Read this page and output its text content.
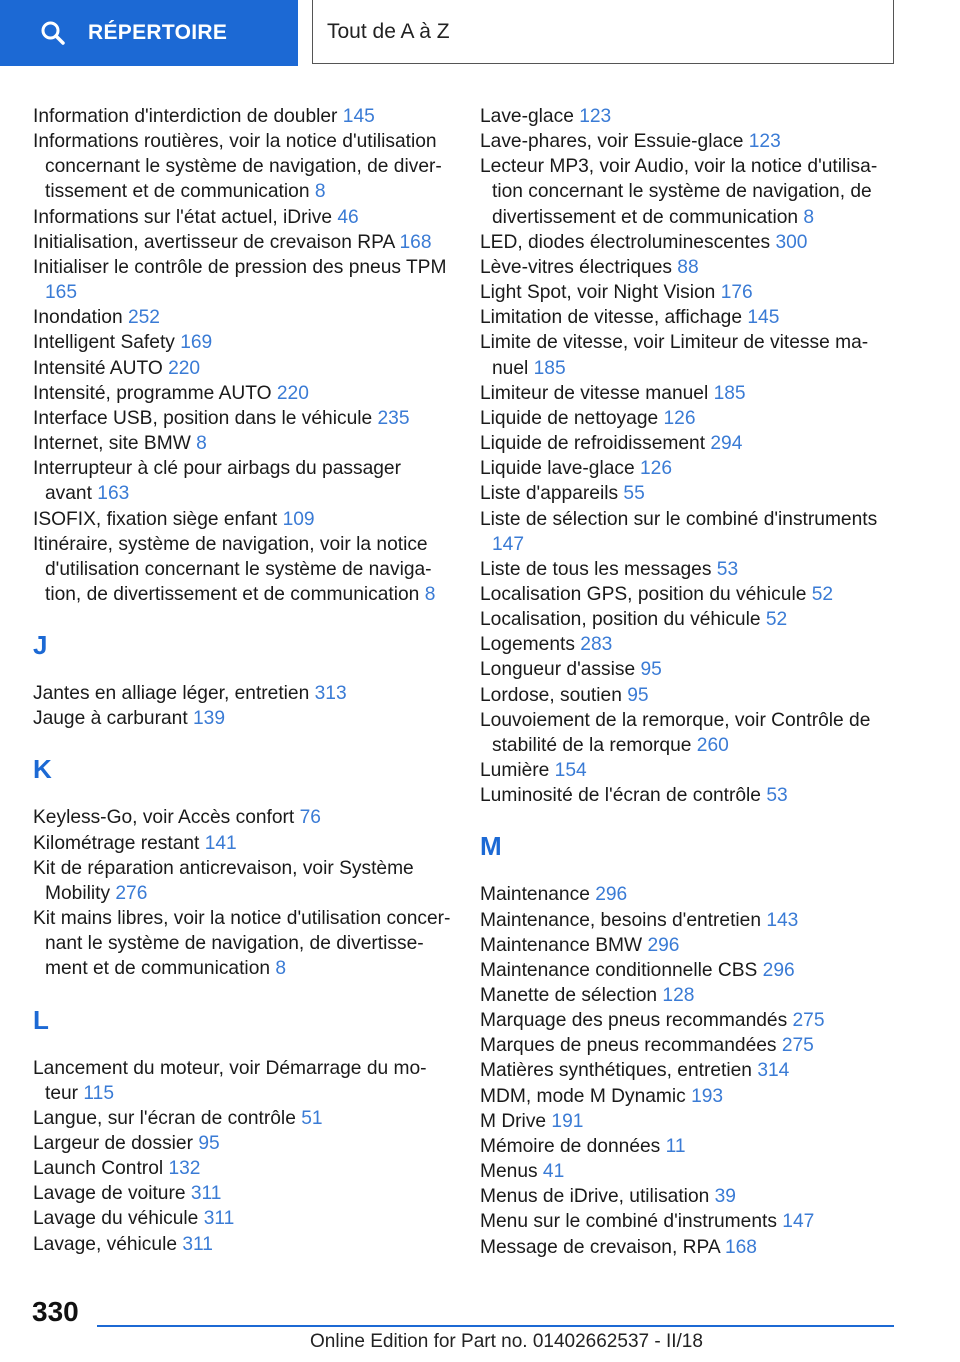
RÉPERTOIRE	Tout de A à Z

Information d'interdiction de doubler 145

Informations routières, voir la notice d'utilisation concernant le système de navigation, de divertissement et de communication 8

Informations sur l'état actuel, iDrive 46

Initialisation, avertisseur de crevaison RPA 168

Initialiser le contrôle de pression des pneus TPM 165

Inondation 252

Intelligent Safety 169

Intensité AUTO 220

Intensité, programme AUTO 220

Interface USB, position dans le véhicule 235

Internet, site BMW 8

Interrupteur à clé pour airbags du passager avant 163

ISOFIX, fixation siège enfant 109

Itinéraire, système de navigation, voir la notice d'utilisation concernant le système de navigation, de divertissement et de communication 8

J

Jantes en alliage léger, entretien 313

Jauge à carburant 139

K

Keyless-Go, voir Accès confort 76

Kilométrage restant 141

Kit de réparation anticrevaison, voir Système Mobility 276

Kit mains libres, voir la notice d'utilisation concernant le système de navigation, de divertissement et de communication 8

L

Lancement du moteur, voir Démarrage du moteur 115

Langue, sur l'écran de contrôle 51

Largeur de dossier 95

Launch Control 132

Lavage de voiture 311

Lavage du véhicule 311

Lavage, véhicule 311

Lave-glace 123

Lave-phares, voir Essuie-glace 123

Lecteur MP3, voir Audio, voir la notice d'utilisation concernant le système de navigation, de divertissement et de communication 8

LED, diodes électroluminescentes 300

Lève-vitres électriques 88

Light Spot, voir Night Vision 176

Limitation de vitesse, affichage 145

Limite de vitesse, voir Limiteur de vitesse manuel 185

Limiteur de vitesse manuel 185

Liquide de nettoyage 126

Liquide de refroidissement 294

Liquide lave-glace 126

Liste d'appareils 55

Liste de sélection sur le combiné d'instruments 147

Liste de tous les messages 53

Localisation GPS, position du véhicule 52

Localisation, position du véhicule 52

Logements 283

Longueur d'assise 95

Lordose, soutien 95

Louvoiement de la remorque, voir Contrôle de stabilité de la remorque 260

Lumière 154

Luminosité de l'écran de contrôle 53

M

Maintenance 296

Maintenance, besoins d'entretien 143

Maintenance BMW 296

Maintenance conditionnelle CBS 296

Manette de sélection 128

Marquage des pneus recommandés 275

Marques de pneus recommandées 275

Matières synthétiques, entretien 314

MDM, mode M Dynamic 193

M Drive 191

Mémoire de données 11

Menus 41

Menus de iDrive, utilisation 39

Menu sur le combiné d'instruments 147

Message de crevaison, RPA 168

330
Online Edition for Part no. 01402662537 - II/18
